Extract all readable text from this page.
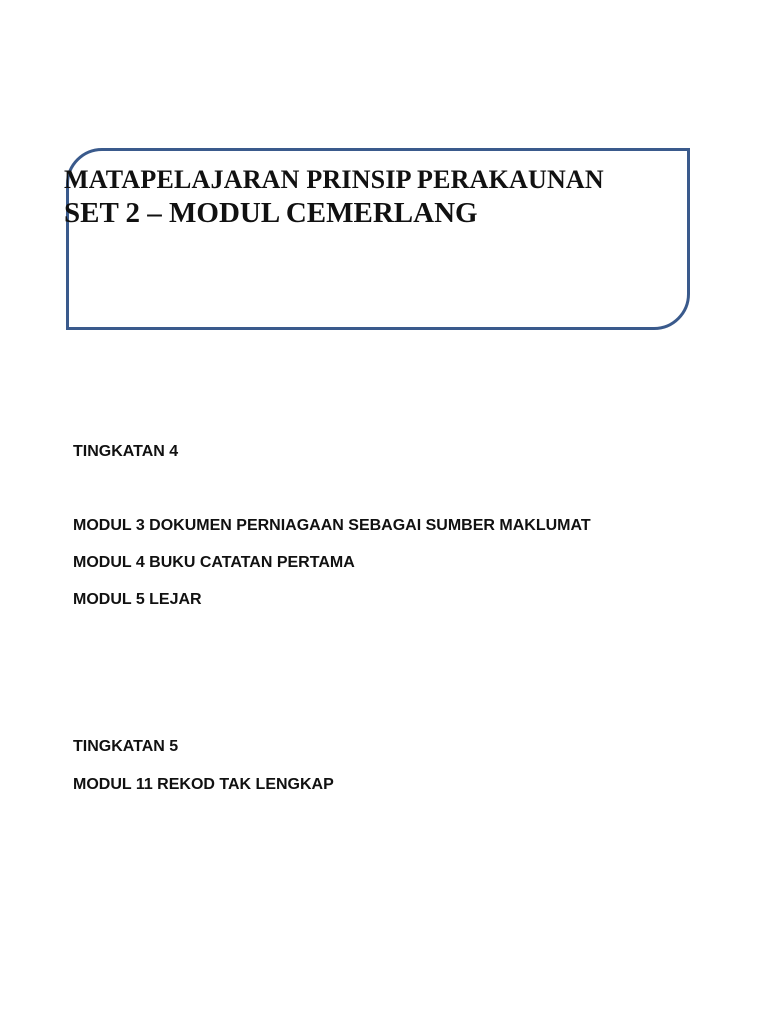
MATAPELAJARAN PRINSIP PERAKAUNAN
SET 2 – MODUL CEMERLANG
TINGKATAN 4
MODUL 3 DOKUMEN PERNIAGAAN SEBAGAI SUMBER MAKLUMAT
MODUL 4 BUKU CATATAN PERTAMA
MODUL 5 LEJAR
TINGKATAN 5
MODUL 11 REKOD TAK LENGKAP
